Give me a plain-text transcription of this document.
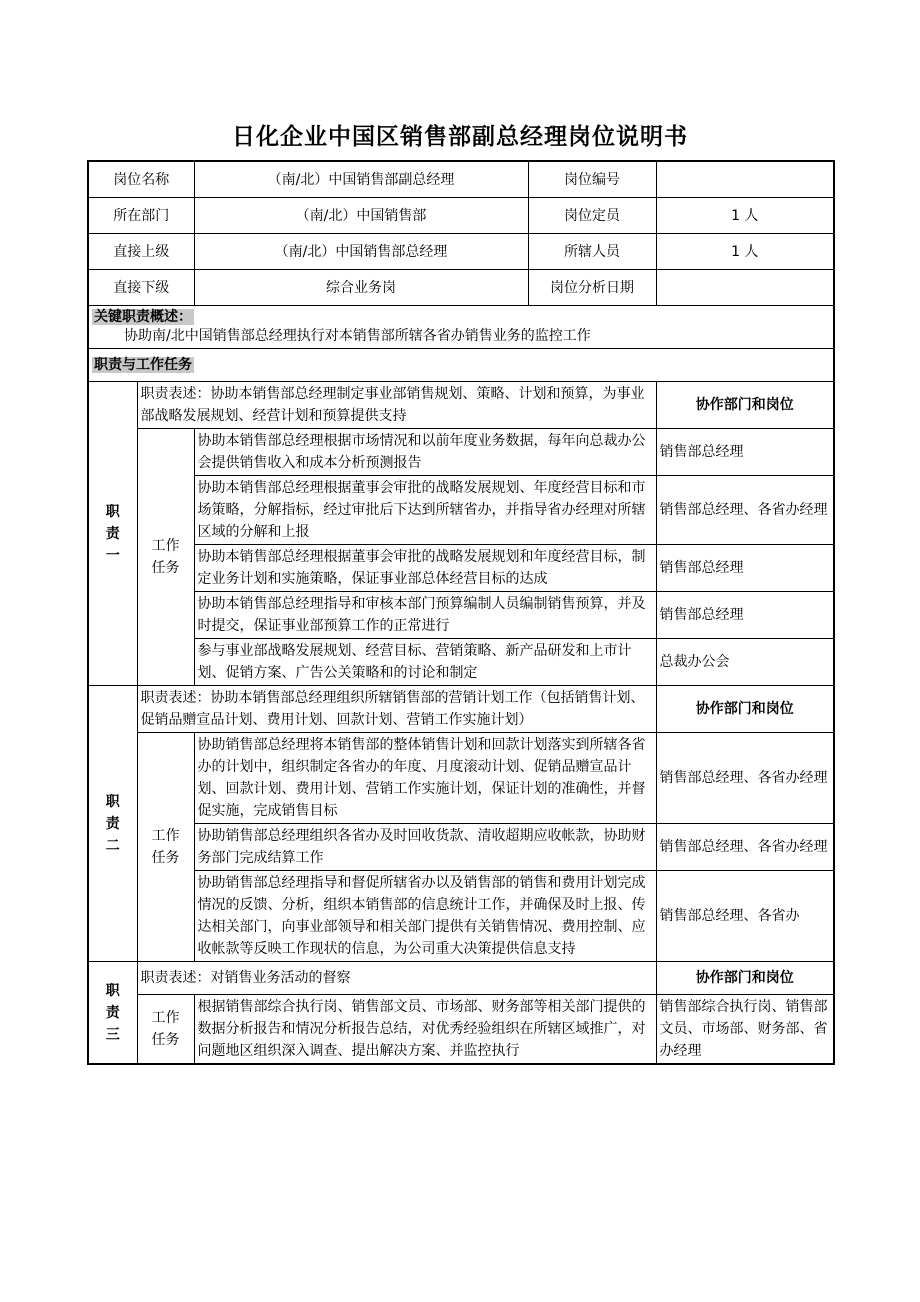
日化企业中国区销售部副总经理岗位说明书
岗位名称		（南/北）中国销售部副总经理	岗位编号	
所在部门		（南/北）中国销售部	岗位定员	1 人
直接上级		（南/北）中国销售部总经理	所辖人员	1 人
直接下级		综合业务岗	岗位分析日期	
关键职责概述：
协助南/北中国销售部总经理执行对本销售部所辖各省办销售业务的监控工作				
职责与工作任务				
职
责
一	职责表述：协助本销售部总经理制定事业部销售规划、策略、计划和预算，为事业部战略发展规划、经营计划和预算提供支持			协作部门和岗位
	工作
任务	协助本销售部总经理根据市场情况和以前年度业务数据，每年向总裁办公会提供销售收入和成本分析预测报告		销售部总经理
		协助本销售部总经理根据董事会审批的战略发展规划、年度经营目标和市场策略，分解指标，经过审批后下达到所辖省办，并指导省办经理对所辖区域的分解和上报		销售部总经理、各省办经理
		协助本销售部总经理根据董事会审批的战略发展规划和年度经营目标，制定业务计划和实施策略，保证事业部总体经营目标的达成		销售部总经理
		协助本销售部总经理指导和审核本部门预算编制人员编制销售预算，并及时提交，保证事业部预算工作的正常进行		销售部总经理
		参与事业部战略发展规划、经营目标、营销策略、新产品研发和上市计划、促销方案、广告公关策略和的讨论和制定		总裁办公会
职
责
二	职责表述：协助本销售部总经理组织所辖销售部的营销计划工作（包括销售计划、促销品赠宣品计划、费用计划、回款计划、营销工作实施计划）			协作部门和岗位
	工作
任务	协助销售部总经理将本销售部的整体销售计划和回款计划落实到所辖各省办的计划中，组织制定各省办的年度、月度滚动计划、促销品赠宣品计划、回款计划、费用计划、营销工作实施计划，保证计划的准确性，并督促实施，完成销售目标		销售部总经理、各省办经理
		协助销售部总经理组织各省办及时回收货款、清收超期应收帐款，协助财务部门完成结算工作		销售部总经理、各省办经理
		协助销售部总经理指导和督促所辖省办以及销售部的销售和费用计划完成情况的反馈、分析，组织本销售部的信息统计工作，并确保及时上报、传达相关部门，向事业部领导和相关部门提供有关销售情况、费用控制、应收帐款等反映工作现状的信息，为公司重大决策提供信息支持		销售部总经理、各省办
职
责
三	职责表述：对销售业务活动的督察			协作部门和岗位
	工作
任务	根据销售部综合执行岗、销售部文员、市场部、财务部等相关部门提供的数据分析报告和情况分析报告总结，对优秀经验组织在所辖区域推广，对问题地区组织深入调查、提出解决方案、并监控执行		销售部综合执行岗、销售部文员、市场部、财务部、省办经理
